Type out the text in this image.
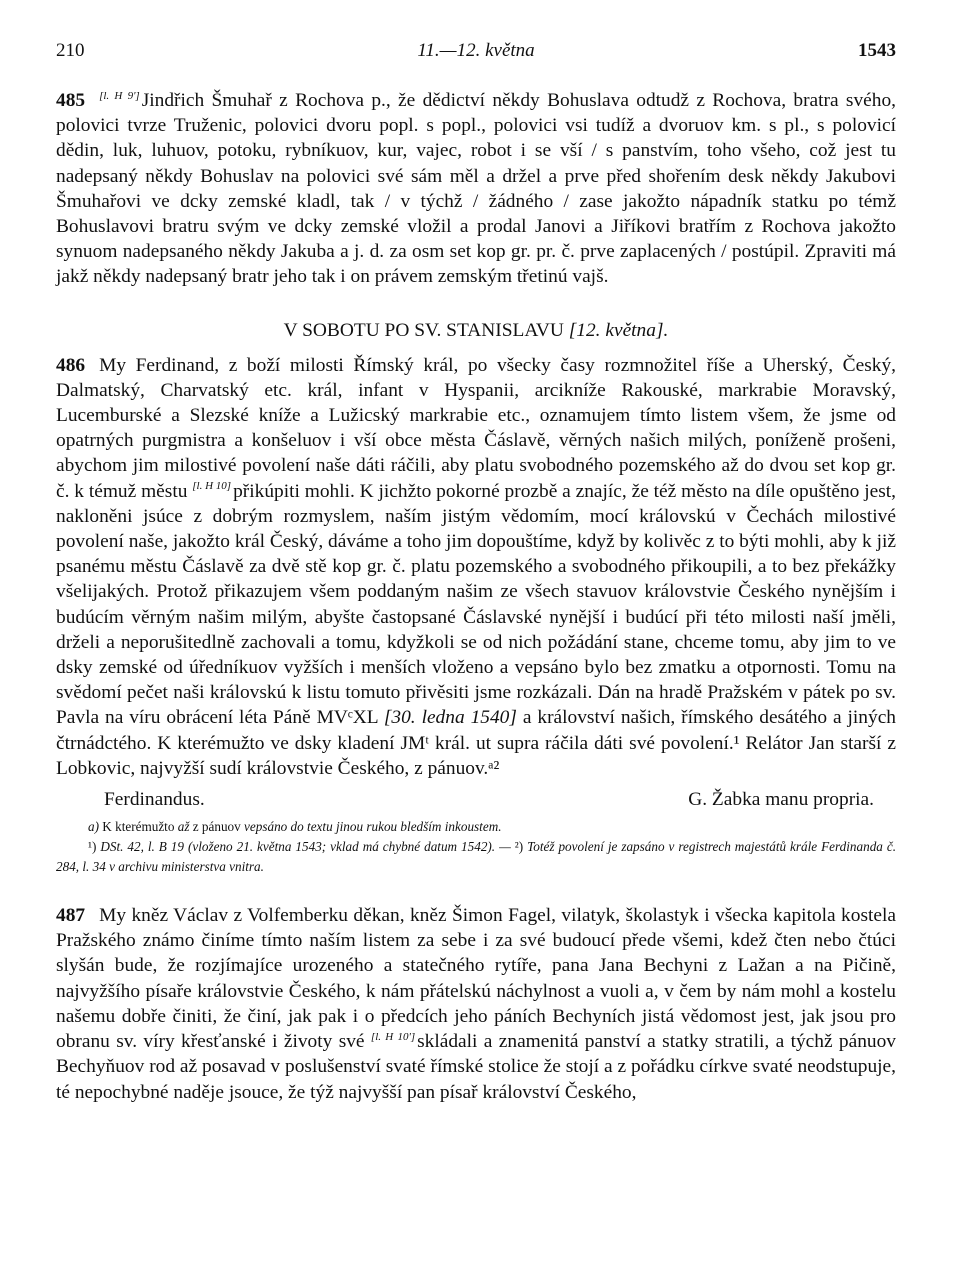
210	11.—12. května	1543

485 [l. H 9'] Jindřich Šmuhař z Rochova p., že dědictví někdy Bohuslava odtudž z Rochova, bratra svého, polovici tvrze Truženic, polovici dvoru popl. s popl., polovici vsi tudíž a dvoruov km. s pl., s polovicí dědin, luk, luhuov, potoku, rybníkuov, kur, vajec, robot i se vší / s panstvím, toho všeho, což jest tu nadepsaný někdy Bohuslav na polovici své sám měl a držel a prve před shořením desk někdy Jakubovi Šmuhařovi ve dcky zemské kladl, tak / v týchž / žádného / zase jakožto nápadník statku po témž Bohuslavovi bratru svým ve dcky zemské vložil a prodal Janovi a Jiříkovi bratřím z Rochova jakožto synuom nadepsaného někdy Jakuba a j. d. za osm set kop gr. pr. č. prve zaplacených / postúpil. Zpraviti má jakž někdy nadepsaný bratr jeho tak i on právem zemským třetinú vajš.

V SOBOTU PO SV. STANISLAVU [12. května].

486 My Ferdinand, z boží milosti Římský král, po všecky časy rozmnožitel říše a Uherský, Český, Dalmatský, Charvatský etc. král, infant v Hyspanii, arcikníže Rakouské, markrabie Moravský, Lucemburské a Slezské kníže a Lužicský markrabie etc., oznamujem tímto listem všem, že jsme od opatrných purgmistra a konšeluov i vší obce města Čáslavě, věrných našich milých, poníženě prošeni, abychom jim milostivé povolení naše dáti ráčili, aby platu svobodného pozemského až do dvou set kop gr. č. k témuž městu [l. H 10] přikúpiti mohli. K jichžto pokorné prozbě a znajíc, že též město na díle opuštěno jest, nakloněni jsúce z dobrým rozmyslem, naším jistým vědomím, mocí královskú v Čechách milostivé povolení naše, jakožto král Český, dáváme a toho jim dopouštíme, když by kolivěc z to býti mohli, aby k již psanému městu Čáslavě za dvě stě kop gr. č. platu pozemského a svobodného přikoupili, a to bez překážky všelijakých. Protož přikazujem všem poddaným našim ze všech stavuov královstvie Českého nynějším i budúcím věrným našim milým, abyšte častopsané Čáslavské nynější i budúcí při této milosti naší jměli, drželi a neporušitedlně zachovali a tomu, kdyžkoli se od nich požádání stane, chceme tomu, aby jim to ve dsky zemské od úředníkuov vyžších i menších vloženo a vepsáno bylo bez zmatku a otpornosti. Tomu na svědomí pečet naši královskú k listu tomuto přivěsiti jsme rozkázali. Dán na hradě Pražském v pátek po sv. Pavla na víru obrácení léta Páně MVᶜXL [30. ledna 1540] a království našich, římského desátého a jiných čtrnádctého. K kterémužto ve dsky kladení JMᵗ král. ut supra ráčila dáti své povolení.¹ Relátor Jan starší z Lobkovic, najvyžší sudí královstvie Českého, z pánuov.ᵃ²

Ferdinandus.	G. Žabka manu propria.

a) K kterémužto až z pánuov vepsáno do textu jinou rukou bledším inkoustem.

¹) DSt. 42, l. B 19 (vloženo 21. května 1543; vklad má chybné datum 1542). — ²) Totéž povolení je zapsáno v registrech majestátů krále Ferdinanda č. 284, l. 34 v archivu ministerstva vnitra.

487 My kněz Václav z Volfemberku děkan, kněz Šimon Fagel, vilatyk, školastyk i všecka kapitola kostela Pražského známo činíme tímto naším listem za sebe i za své budoucí přede všemi, kdež čten nebo čtúci slyšán bude, že rozjímajíce urozeného a statečného rytíře, pana Jana Bechyni z Lažan a na Pičině, najvyžšího písaře královstvie Českého, k nám přátelskú náchylnost a vuoli a, v čem by nám mohl a kostelu našemu dobře činiti, že činí, jak pak i o předcích jeho páních Bechyních jistá vědomost jest, jak jsou pro obranu sv. víry křesťanské i životy své [l. H 10'] skládali a znamenitá panství a statky stratili, a týchž pánuov Bechyňuov rod až posavad v poslušenství svaté římské stolice že stojí a z pořádku církve svaté neodstupuje, té nepochybné naděje jsouce, že týž najvyšší pan písař království Českého,
